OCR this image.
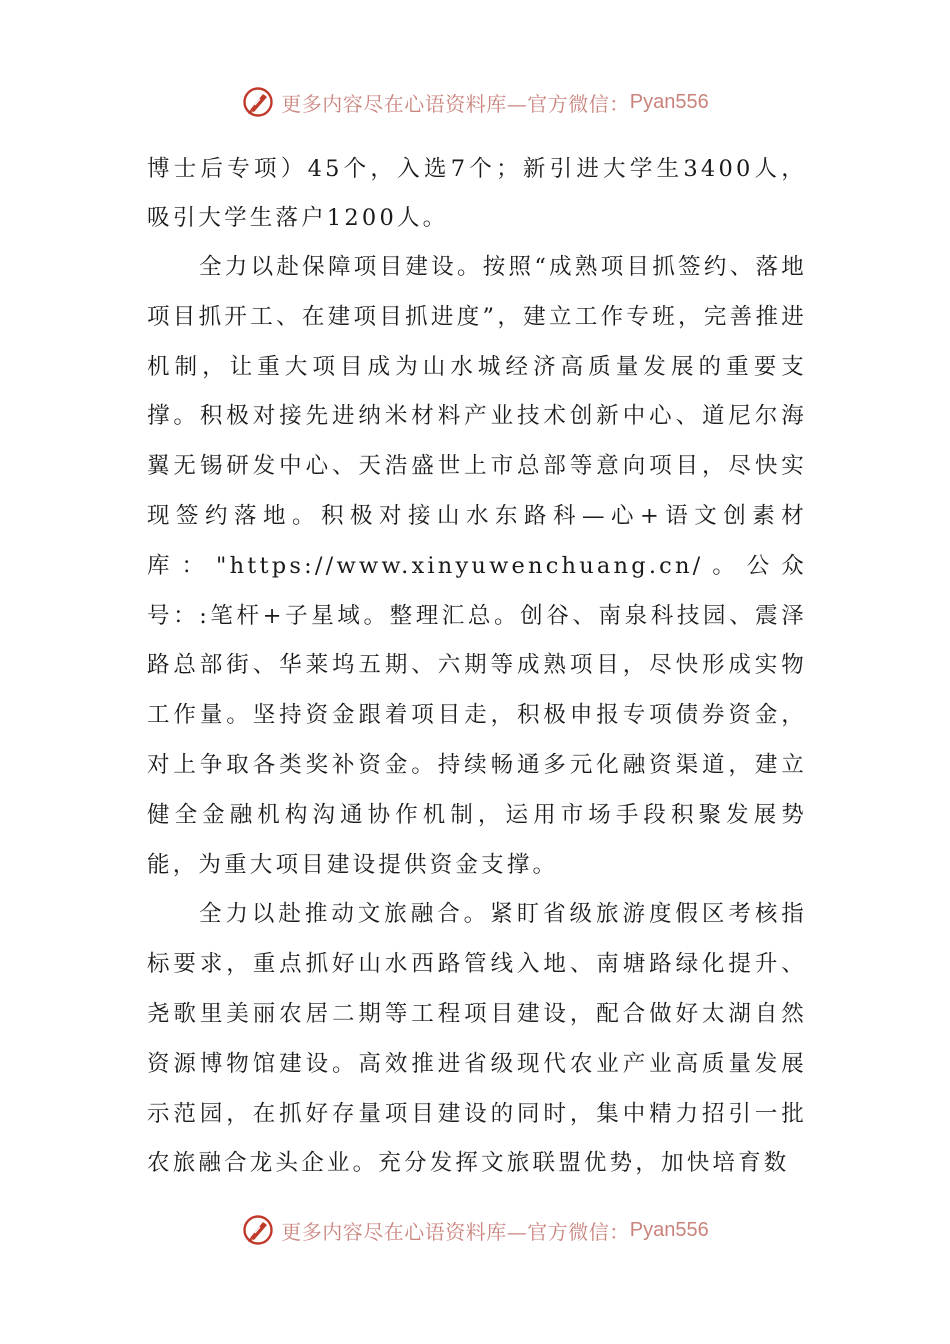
更多内容尽在心语资料库—官方微信： Pyan556

博士后专项）45个，入选7个；新引进大学生3400人，吸引大学生落户1200人。

全力以赴保障项目建设。按照“成熟项目抓签约、落地项目抓开工、在建项目抓进度”，建立工作专班，完善推进机制，让重大项目成为山水城经济高质量发展的重要支撑。积极对接先进纳米材料产业技术创新中心、道尼尔海翼无锡研发中心、天浩盛世上市总部等意向项目，尽快实现签约落地。积极对接山水东路科—心+语文创素材库："https://www.xinyuwenchuang.cn/。公众号：:笔杆+子星域。整理汇总。创谷、南泉科技园、震泽路总部街、华莱坞五期、六期等成熟项目，尽快形成实物工作量。坚持资金跟着项目走，积极申报专项债券资金，对上争取各类奖补资金。持续畅通多元化融资渠道，建立健全金融机构沟通协作机制，运用市场手段积聚发展势能，为重大项目建设提供资金支撑。

全力以赴推动文旅融合。紧盯省级旅游度假区考核指标要求，重点抓好山水西路管线入地、南塘路绿化提升、尧歌里美丽农居二期等工程项目建设，配合做好太湖自然资源博物馆建设。高效推进省级现代农业产业高质量发展示范园，在抓好存量项目建设的同时，集中精力招引一批农旅融合龙头企业。充分发挥文旅联盟优势，加快培育数

更多内容尽在心语资料库—官方微信： Pyan556
